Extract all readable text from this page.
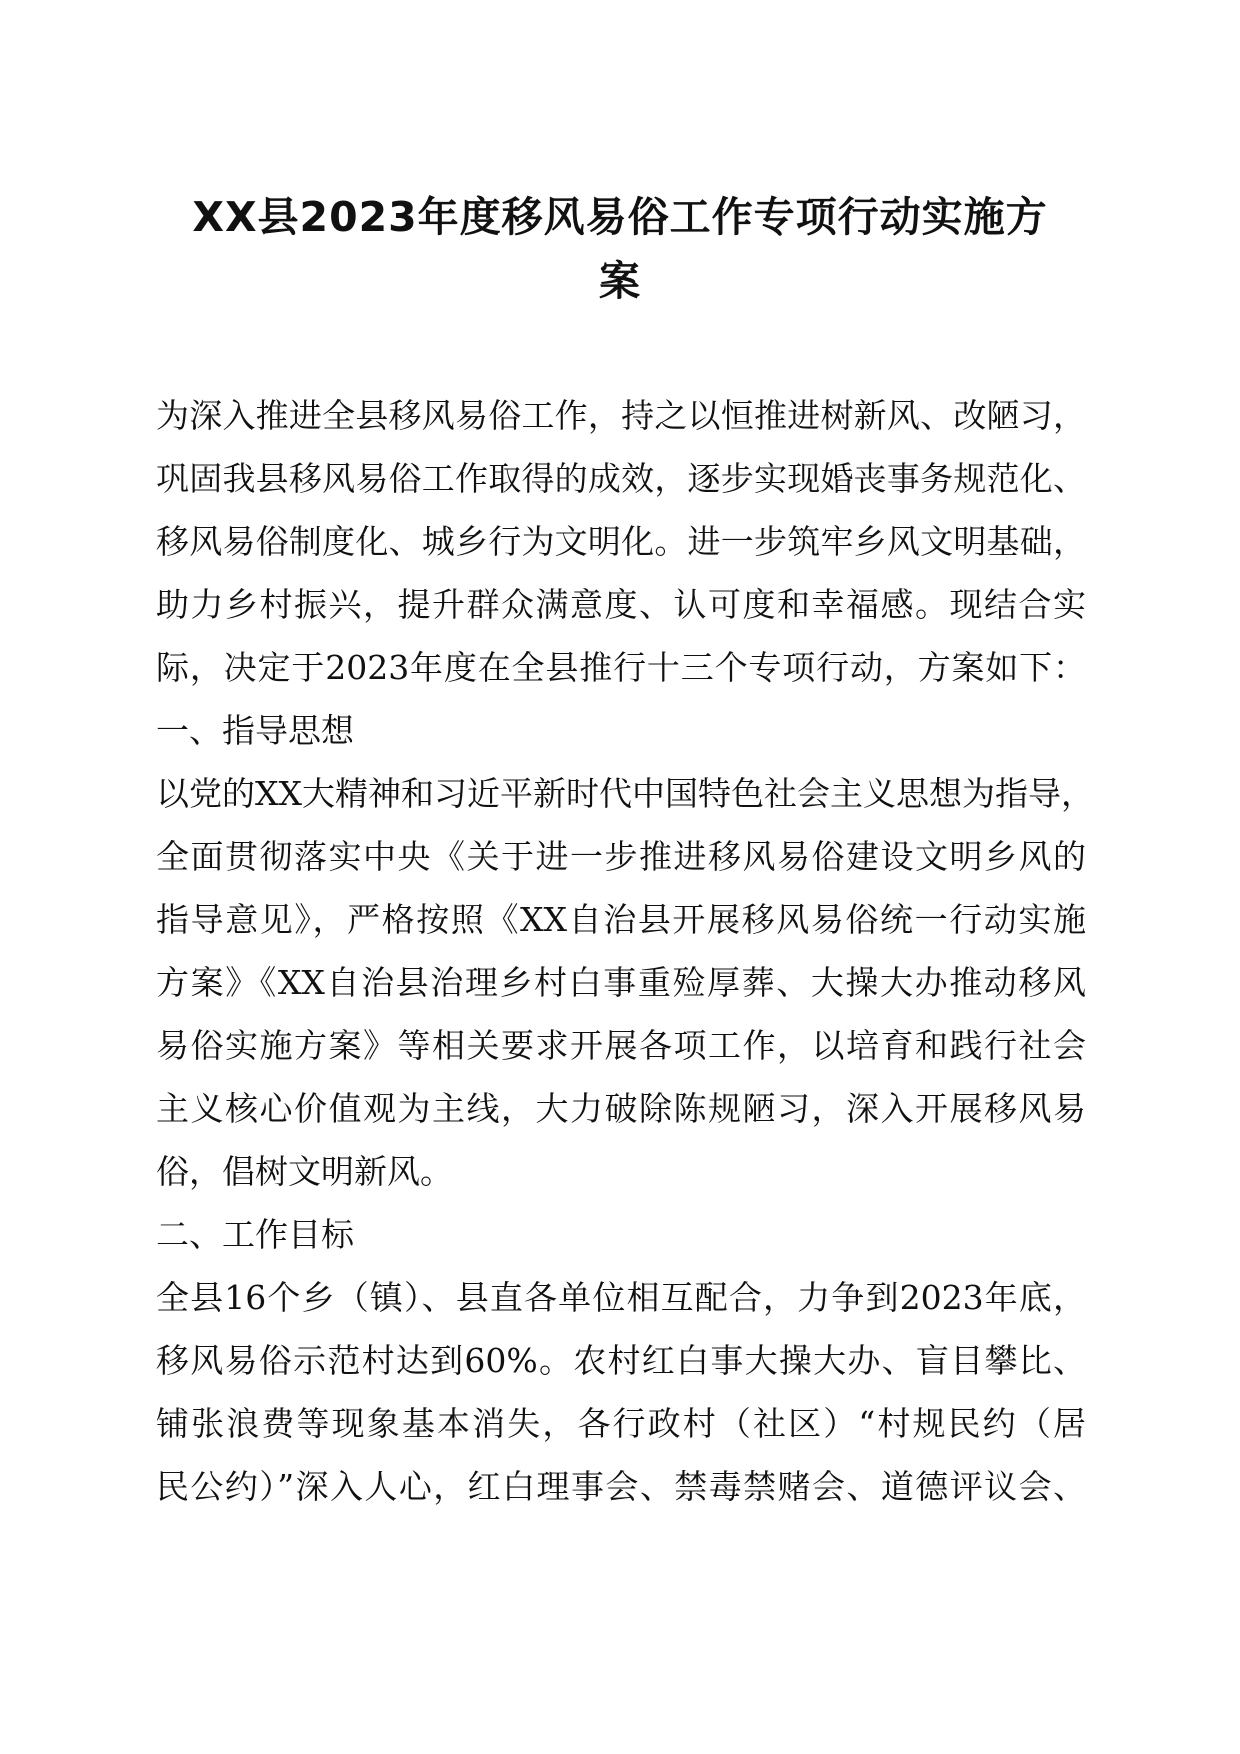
XX县2023年度移风易俗工作专项行动实施方
案
为深入推进全县移风易俗工作，持之以恒推进树新风、改陋习，
巩固我县移风易俗工作取得的成效，逐步实现婚丧事务规范化、
移风易俗制度化、城乡行为文明化。进一步筑牢乡风文明基础，
助力乡村振兴，提升群众满意度、认可度和幸福感。现结合实
际，决定于2023年度在全县推行十三个专项行动，方案如下：
一、指导思想
以党的XX大精神和习近平新时代中国特色社会主义思想为指导，
全面贯彻落实中央《关于进一步推进移风易俗建设文明乡风的
指导意见》，严格按照《XX自治县开展移风易俗统一行动实施
方案》《XX自治县治理乡村白事重殓厚葬、大操大办推动移风
易俗实施方案》等相关要求开展各项工作，以培育和践行社会
主义核心价值观为主线，大力破除陈规陋习，深入开展移风易
俗，倡树文明新风。
二、工作目标
全县16个乡（镇）、县直各单位相互配合，力争到2023年底，
移风易俗示范村达到60%。农村红白事大操大办、盲目攀比、
铺张浪费等现象基本消失，各行政村（社区）“村规民约（居
民公约）”深入人心，红白理事会、禁毒禁赌会、道德评议会、
